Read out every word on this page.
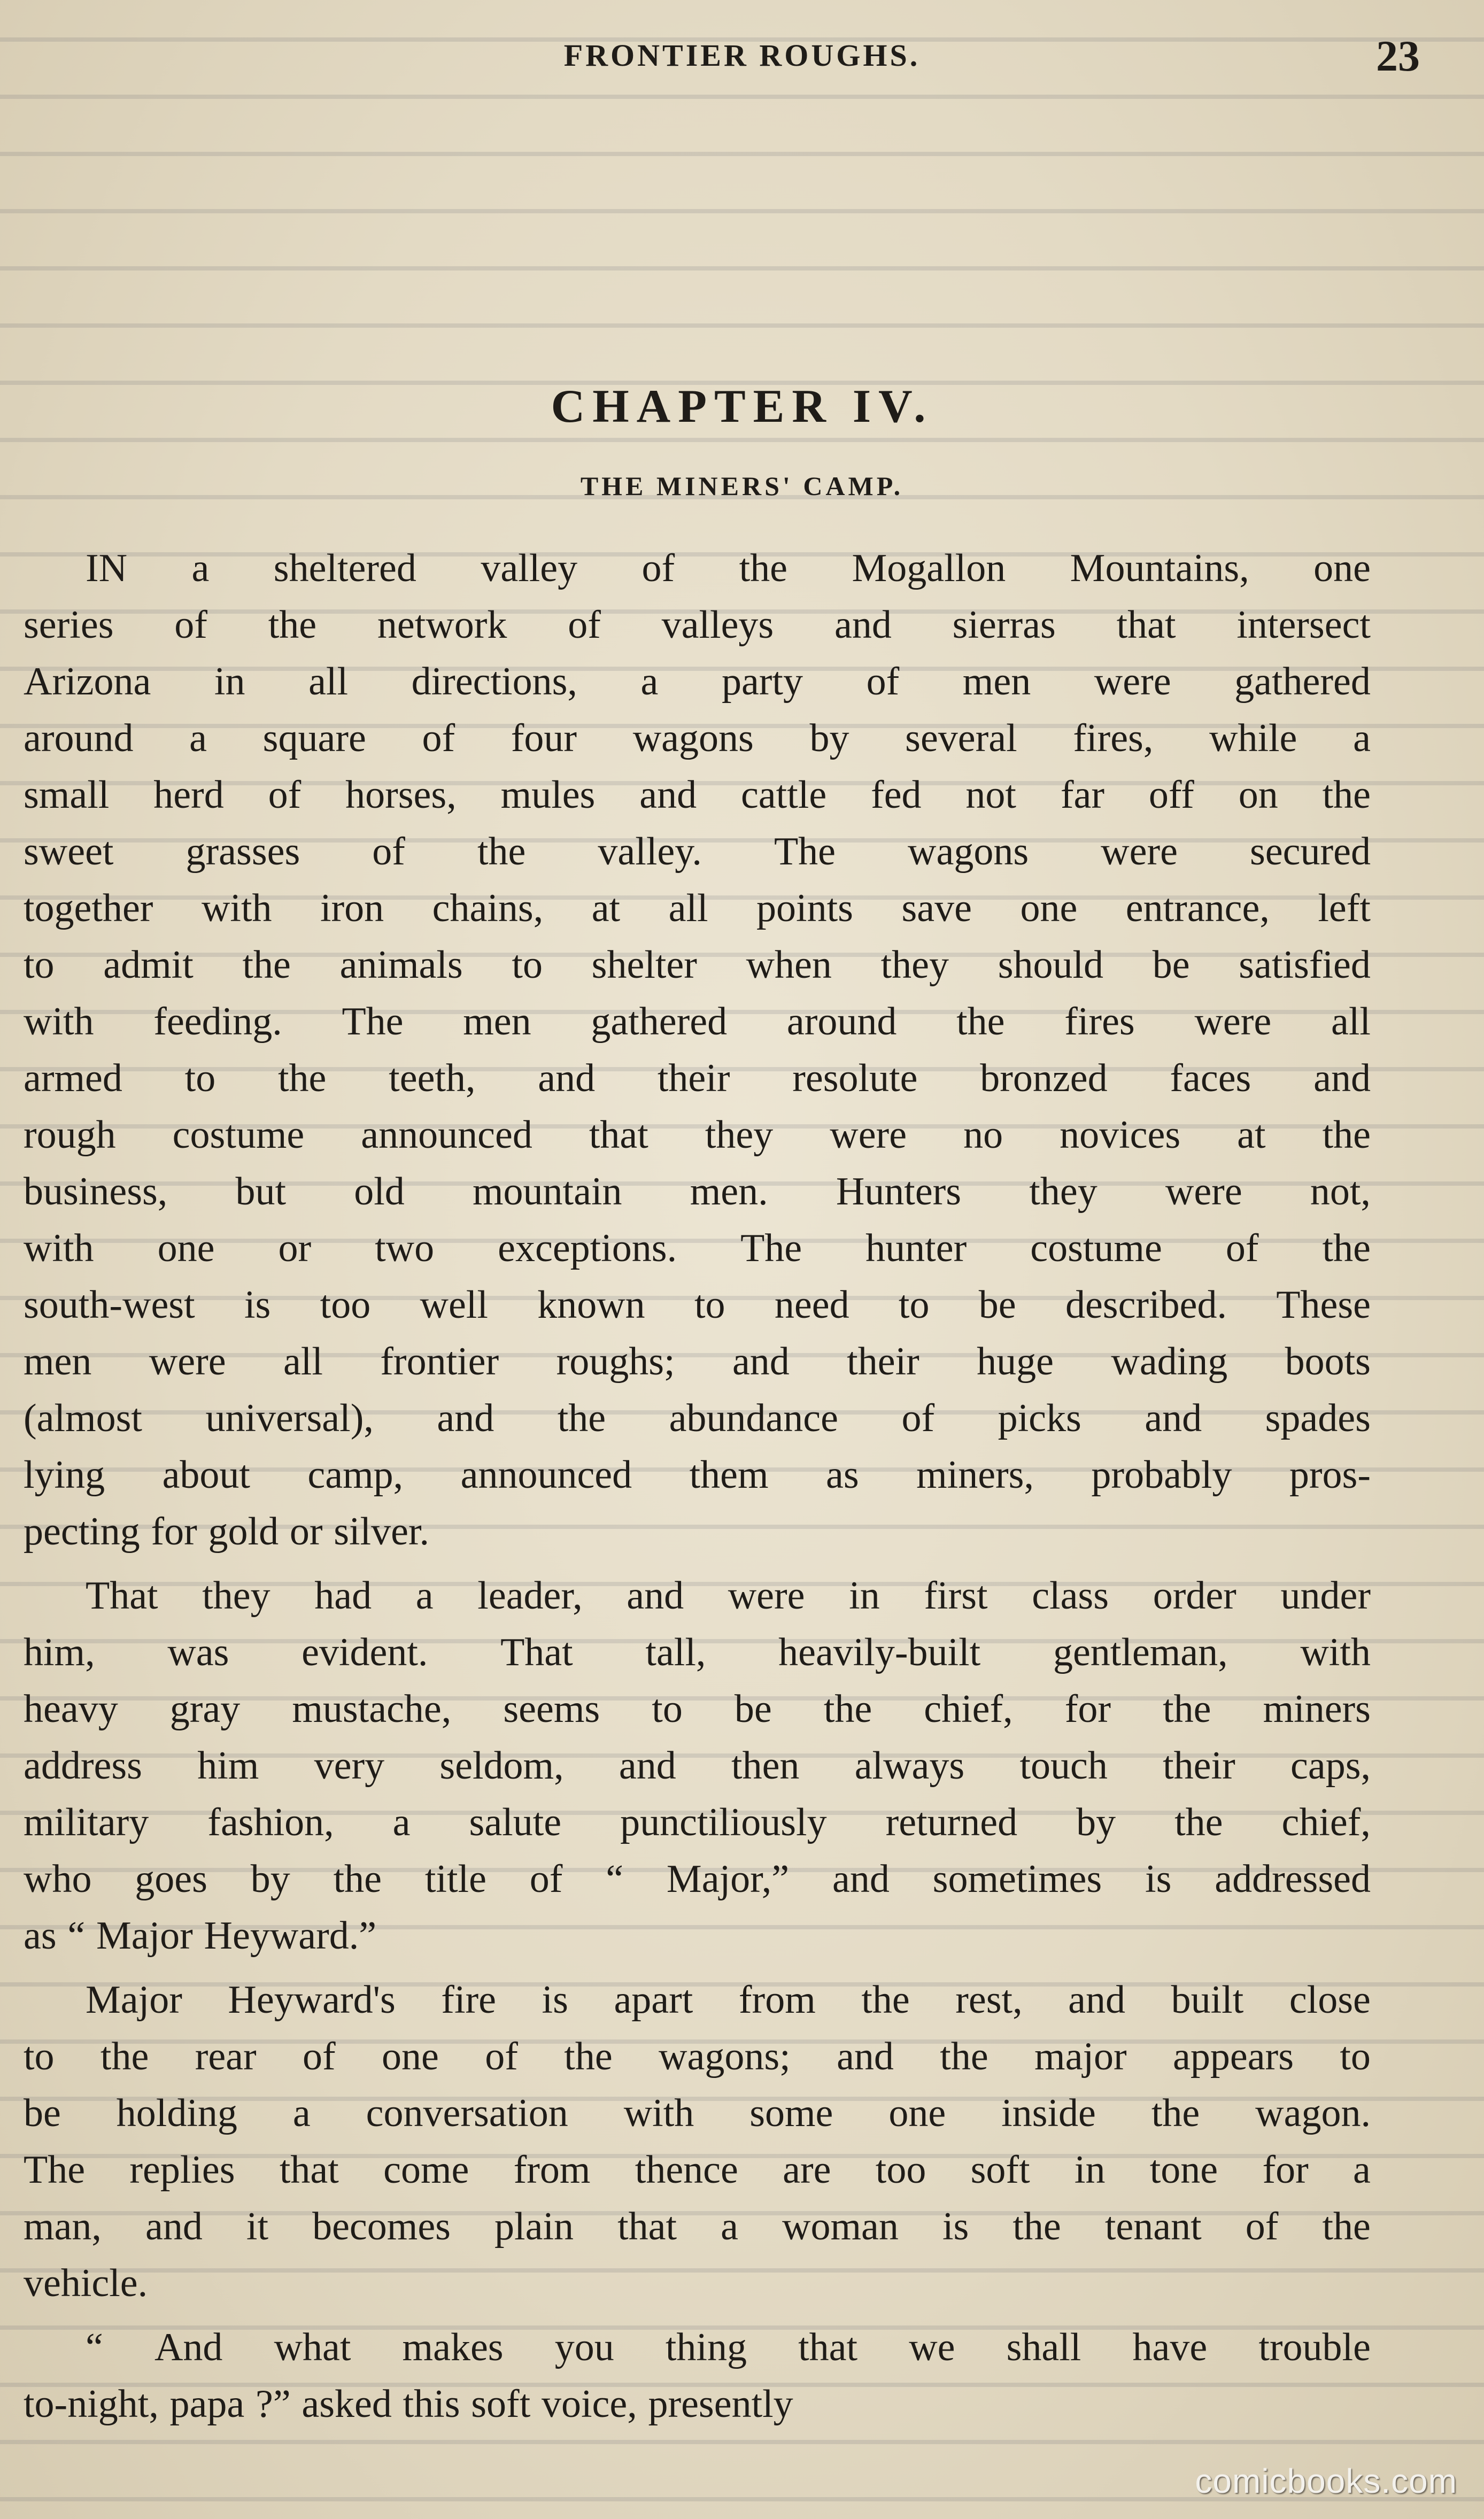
FRONTIER ROUGHS.	23
CHAPTER IV.
THE MINERS' CAMP.
IN a sheltered valley of the Mogallon Mountains, one
series of the network of valleys and sierras that intersect
Arizona in all directions, a party of men were gathered
around a square of four wagons by several fires, while a
small herd of horses, mules and cattle fed not far off on the
sweet grasses of the valley. The wagons were secured
together with iron chains, at all points save one entrance, left
to admit the animals to shelter when they should be satisfied
with feeding. The men gathered around the fires were all
armed to the teeth, and their resolute bronzed faces and
rough costume announced that they were no novices at the
business, but old mountain men. Hunters they were not,
with one or two exceptions. The hunter costume of the
south-west is too well known to need to be described. These
men were all frontier roughs; and their huge wading boots
(almost universal), and the abundance of picks and spades
lying about camp, announced them as miners, probably pros-
pecting for gold or silver.
That they had a leader, and were in first class order under
him, was evident. That tall, heavily-built gentleman, with
heavy gray mustache, seems to be the chief, for the miners
address him very seldom, and then always touch their caps,
military fashion, a salute punctiliously returned by the chief,
who goes by the title of “ Major,” and sometimes is addressed
as “ Major Heyward.”
Major Heyward's fire is apart from the rest, and built close
to the rear of one of the wagons; and the major appears to
be holding a conversation with some one inside the wagon.
The replies that come from thence are too soft in tone for a
man, and it becomes plain that a woman is the tenant of the
vehicle.
“ And what makes you thing that we shall have trouble
to-night, papa ?” asked this soft voice, presently
comicbooks.com
